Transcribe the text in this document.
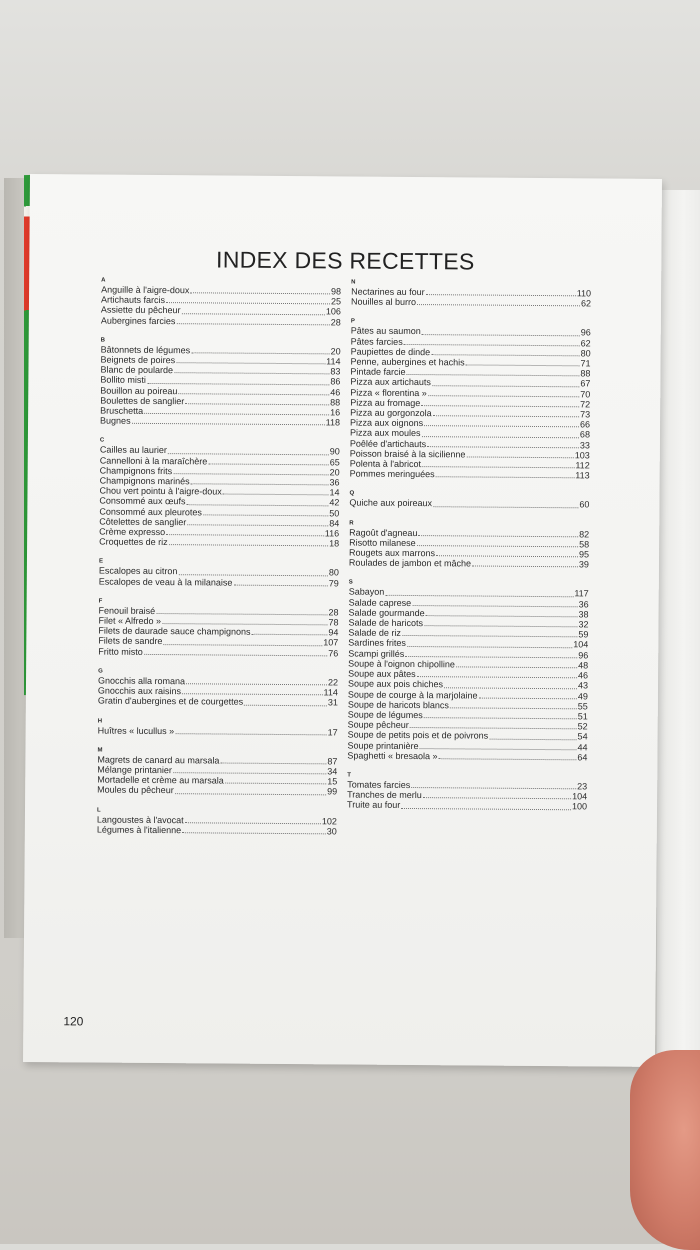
INDEX DES RECETTES
A
Anguille à l'aigre-doux	98
Artichauts farcis	25
Assiette du pêcheur	106
Aubergines farcies	28
B
Bâtonnets de légumes	20
Beignets de poires	114
Blanc de poularde	83
Bollito misti	86
Bouillon au poireau	46
Boulettes de sanglier	88
Bruschetta	16
Bugnes	118
C
Cailles au laurier	90
Cannelloni à la maraîchère	65
Champignons frits	20
Champignons marinés	36
Chou vert pointu à l'aigre-doux	14
Consommé aux œufs	42
Consommé aux pleurotes	50
Côtelettes de sanglier	84
Crème expresso	116
Croquettes de riz	18
E
Escalopes au citron	80
Escalopes de veau à la milanaise	79
F
Fenouil braisé	28
Filet « Alfredo »	78
Filets de daurade sauce champignons	94
Filets de sandre	107
Fritto misto	76
G
Gnocchis alla romana	22
Gnocchis aux raisins	114
Gratin d'aubergines et de courgettes	31
H
Huîtres « lucullus »	17
M
Magrets de canard au marsala	87
Mélange printanier	34
Mortadelle et crème au marsala	15
Moules du pêcheur	99
L
Langoustes à l'avocat	102
Légumes à l'italienne	30
N
Nectarines au four	110
Nouilles al burro	62
P
Pâtes au saumon	96
Pâtes farcies	62
Paupiettes de dinde	80
Penne, aubergines et hachis	71
Pintade farcie	88
Pizza aux artichauts	67
Pizza « florentina »	70
Pizza au fromage	72
Pizza au gorgonzola	73
Pizza aux oignons	66
Pizza aux moules	68
Poêlée d'artichauts	33
Poisson braisé à la sicilienne	103
Polenta à l'abricot	112
Pommes meringuées	113
Q
Quiche aux poireaux	60
R
Ragoût d'agneau	82
Risotto milanese	58
Rougets aux marrons	95
Roulades de jambon et mâche	39
S
Sabayon	117
Salade caprese	36
Salade gourmande	38
Salade de haricots	32
Salade de riz	59
Sardines frites	104
Scampi grillés	96
Soupe à l'oignon chipolline	48
Soupe aux pâtes	46
Soupe aux pois chiches	43
Soupe de courge à la marjolaine	49
Soupe de haricots blancs	55
Soupe de légumes	51
Soupe pêcheur	52
Soupe de petits pois et de poivrons	54
Soupe printanière	44
Spaghetti « bresaola »	64
T
Tomates farcies	23
Tranches de merlu	104
Truite au four	100
120
